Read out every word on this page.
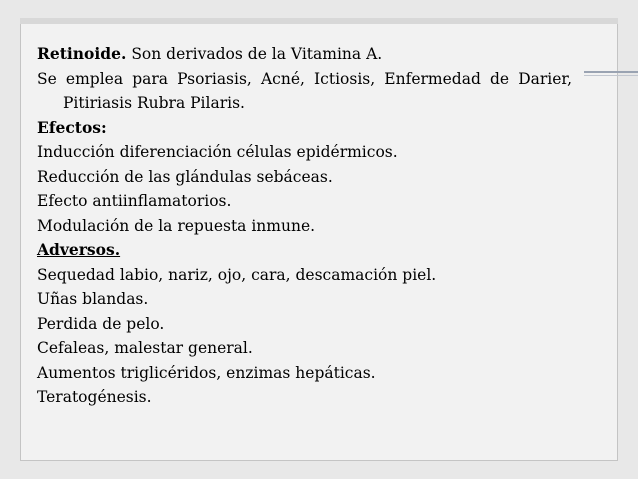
Retinoide. Son derivados de la Vitamina A.
Se emplea para Psoriasis, Acné, Ictiosis, Enfermedad de Darier,
Pitiriasis Rubra Pilaris.
Efectos:
Inducción diferenciación células epidérmicos.
Reducción de las glándulas sebáceas.
Efecto antiinflamatorios.
Modulación de la repuesta inmune.
Adversos.
Sequedad labio, nariz, ojo, cara, descamación piel.
Uñas blandas.
Perdida de pelo.
Cefaleas, malestar general.
Aumentos triglicéridos, enzimas hepáticas.
Teratogénesis.
